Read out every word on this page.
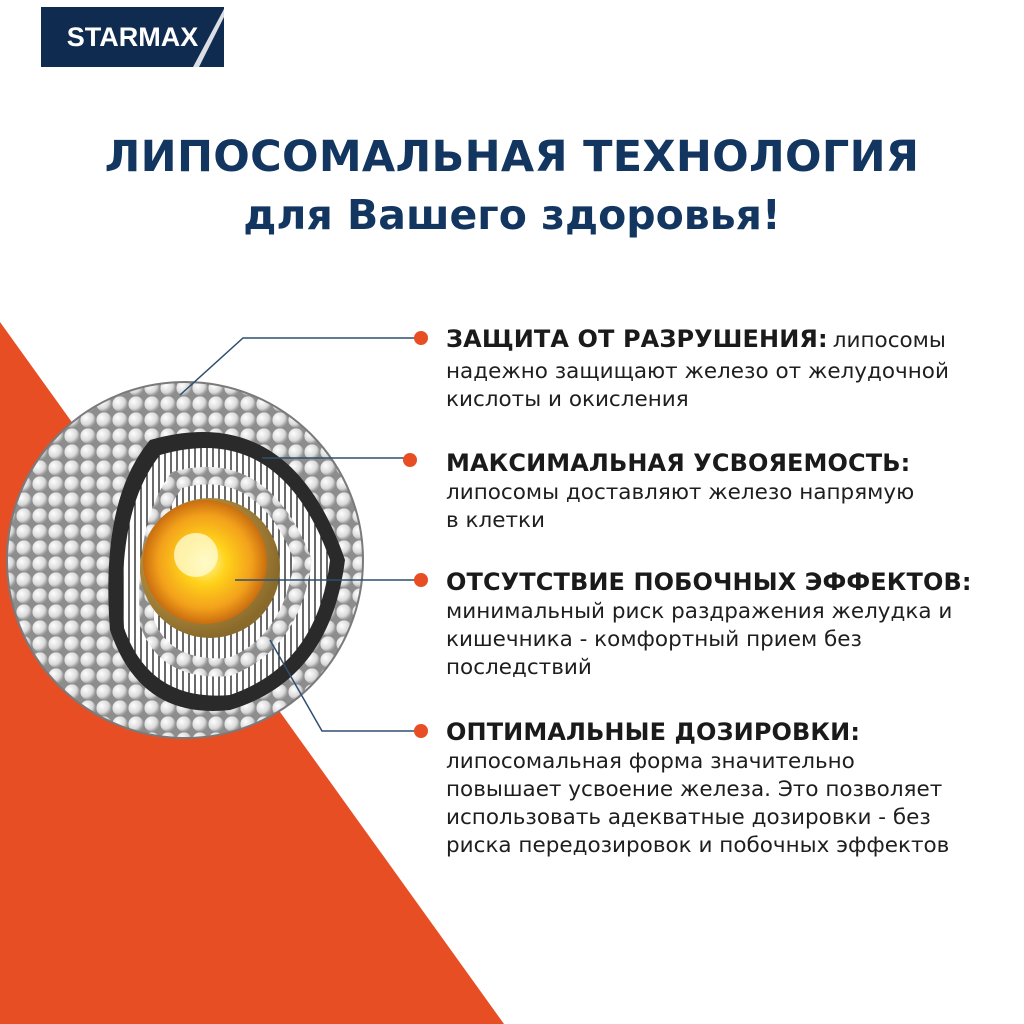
STARMAX
ЛИПОСОМАЛЬНАЯ ТЕХНОЛОГИЯ
для Вашего здоровья!
ЗАЩИТА ОТ РАЗРУШЕНИЯ: липосомы
надежно защищают железо от желудочной
кислоты и окисления
МАКСИМАЛЬНАЯ УСВОЯЕМОСТЬ:
липосомы доставляют железо напрямую
в клетки
ОТСУТСТВИЕ ПОБОЧНЫХ ЭФФЕКТОВ:
минимальный риск раздражения желудка и
кишечника - комфортный прием без
последствий
ОПТИМАЛЬНЫЕ ДОЗИРОВКИ:
липосомальная форма значительно
повышает усвоение железа. Это позволяет
использовать адекватные дозировки - без
риска передозировок и побочных эффектов
